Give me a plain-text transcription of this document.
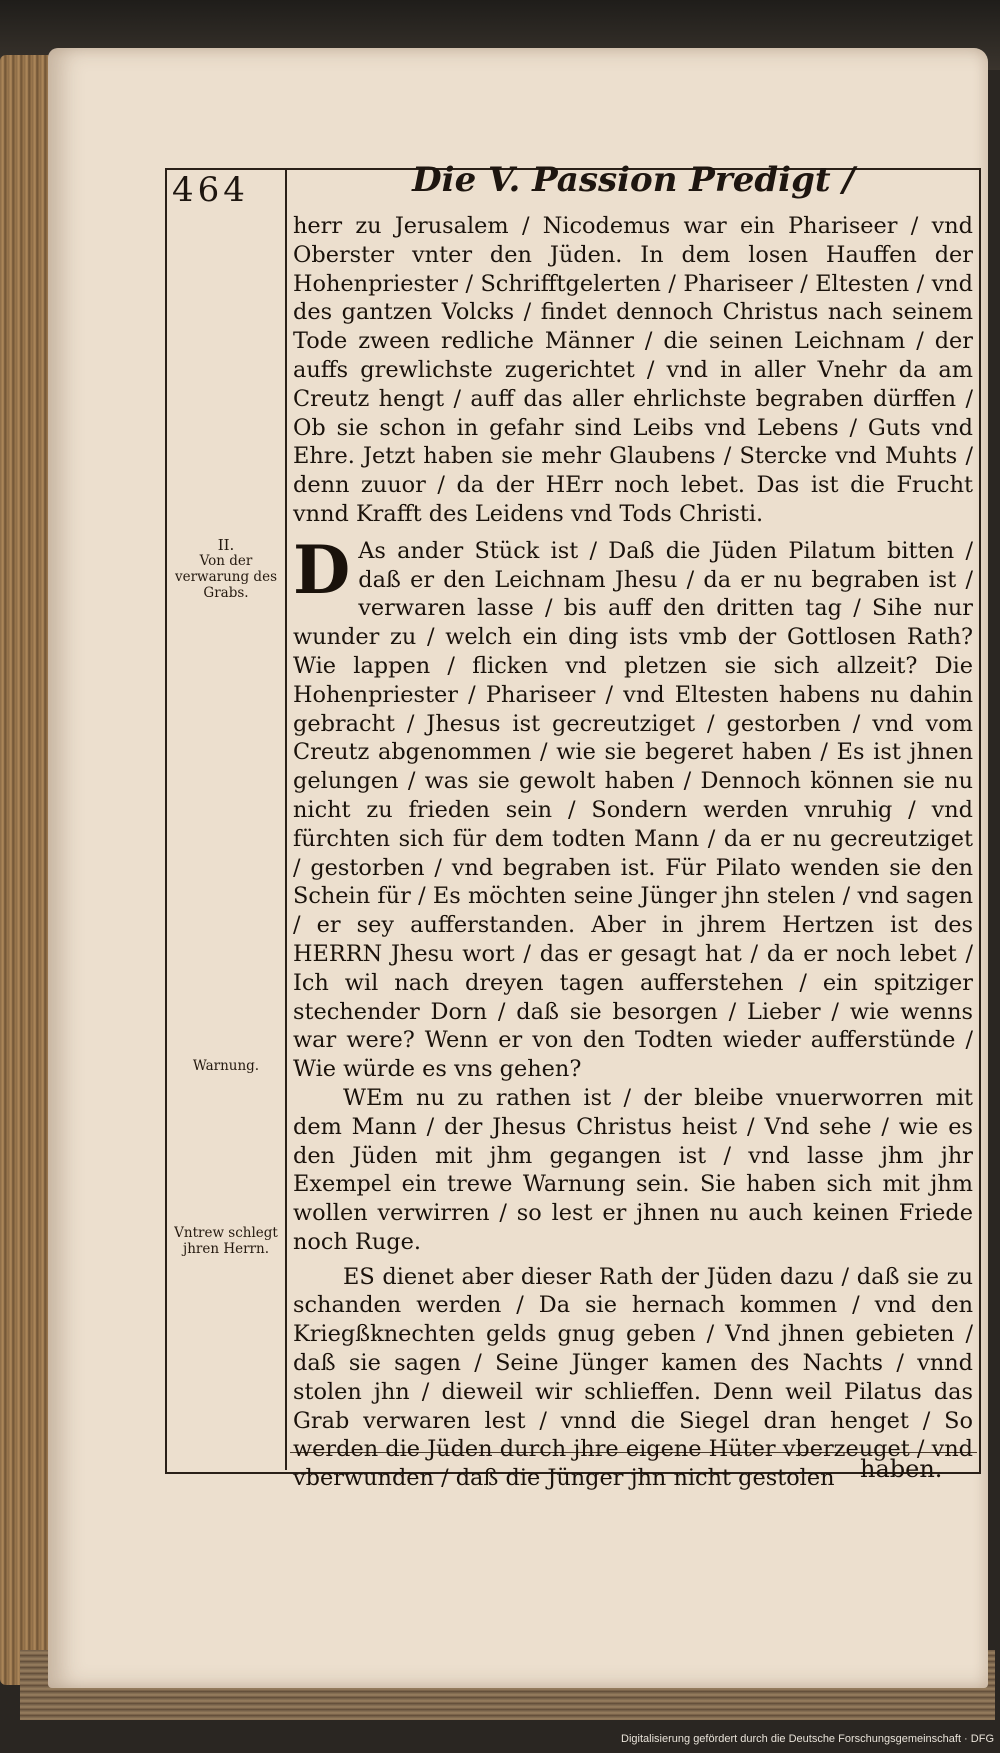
464	Die V. Passion Predigt /
II.
Von der verwarung des Grabs.
Warnung.
Vntrew schlegt jhren Herrn.

herr zu Jerusalem / Nicodemus war ein Phariseer / vnd Oberster vnter den Jüden. In dem losen Hauffen der Hohenpriester / Schrifftgelerten / Phariseer / Eltesten / vnd des gantzen Volcks / findet dennoch Christus nach seinem Tode zween redliche Männer / die seinen Leichnam / der auffs grewlichste zugerichtet / vnd in aller Vnehr da am Creutz hengt / auff das aller ehrlichste begraben dürffen / Ob sie schon in gefahr sind Leibs vnd Lebens / Guts vnd Ehre. Jetzt haben sie mehr Glaubens / Stercke vnd Muhts / denn zuuor / da der HErr noch lebet. Das ist die Frucht vnnd Krafft des Leidens vnd Tods Christi.

D As ander Stück ist / Daß die Jüden Pilatum bitten / daß er den Leichnam Jhesu / da er nu begraben ist / verwaren lasse / bis auff den dritten tag / Sihe nur wunder zu / welch ein ding ists vmb der Gottlosen Rath? Wie lappen / flicken vnd pletzen sie sich allzeit? Die Hohenpriester / Phariseer / vnd Eltesten habens nu dahin gebracht / Jhesus ist gecreutziget / gestorben / vnd vom Creutz abgenommen / wie sie begeret haben / Es ist jhnen gelungen / was sie gewolt haben / Dennoch können sie nu nicht zu frieden sein / Sondern werden vnruhig / vnd fürchten sich für dem todten Mann / da er nu gecreutziget / gestorben / vnd begraben ist. Für Pilato wenden sie den Schein für / Es möchten seine Jünger jhn stelen / vnd sagen / er sey aufferstanden. Aber in jhrem Hertzen ist des HERRN Jhesu wort / das er gesagt hat / da er noch lebet / Ich wil nach dreyen tagen aufferstehen / ein spitziger stechender Dorn / daß sie besorgen / Lieber / wie wenns war were? Wenn er von den Todten wieder aufferstünde / Wie würde es vns gehen?

WEm nu zu rathen ist / der bleibe vnuerworren mit dem Mann / der Jhesus Christus heist / Vnd sehe / wie es den Jüden mit jhm gegangen ist / vnd lasse jhm jhr Exempel ein trewe Warnung sein. Sie haben sich mit jhm wollen verwirren / so lest er jhnen nu auch keinen Friede noch Ruge.

ES dienet aber dieser Rath der Jüden dazu / daß sie zu schanden werden / Da sie hernach kommen / vnd den Kriegßknechten gelds gnug geben / Vnd jhnen gebieten / daß sie sagen / Seine Jünger kamen des Nachts / vnnd stolen jhn / dieweil wir schlieffen. Denn weil Pilatus das Grab verwaren lest / vnnd die Siegel dran henget / So werden die Jüden durch jhre eigene Hüter vberzeuget / vnd vberwunden / daß die Jünger jhn nicht gestolen	haben.
Digitalisierung gefördert durch die Deutsche Forschungsgemeinschaft · DFG
